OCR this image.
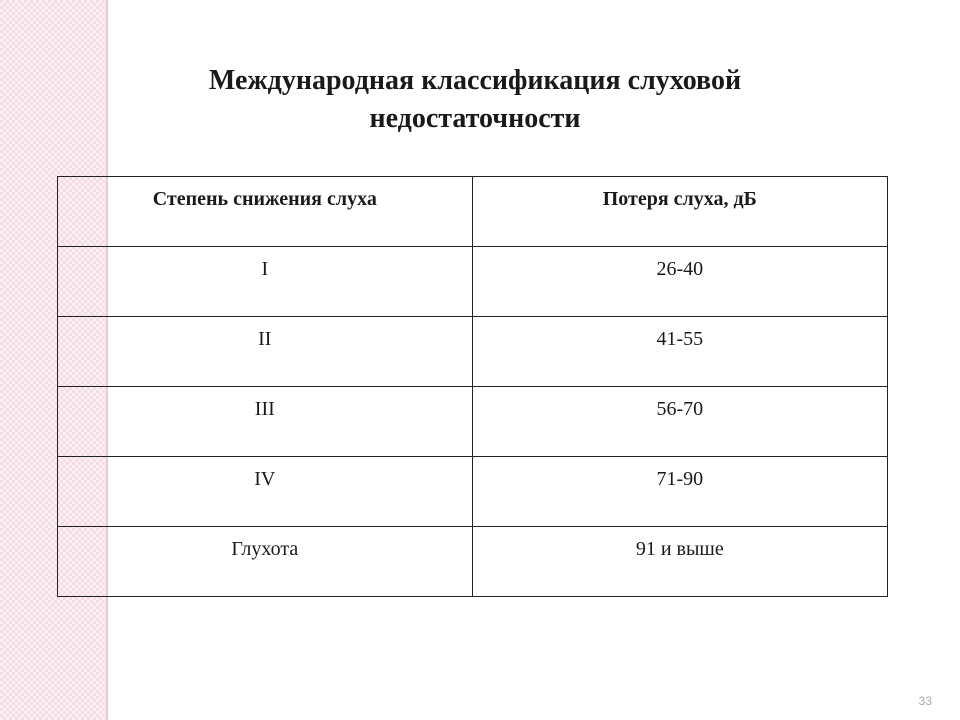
Международная классификация слуховой
недостаточности
Степень снижения слуха	Потеря слуха, дБ

I	26-40

II	41-55

III	56-70

IV	71-90

Глухота	91 и выше
33
